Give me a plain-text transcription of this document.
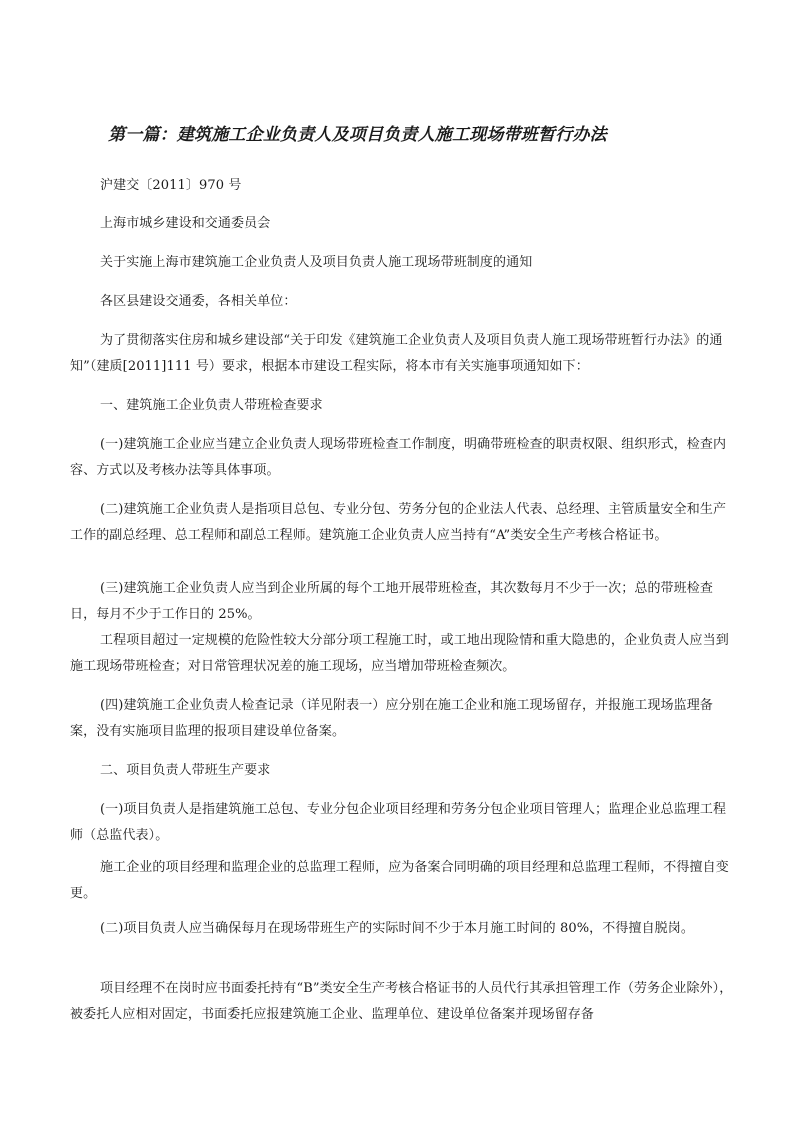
第一篇：建筑施工企业负责人及项目负责人施工现场带班暂行办法
沪建交〔2011〕970 号
上海市城乡建设和交通委员会
关于实施上海市建筑施工企业负责人及项目负责人施工现场带班制度的通知
各区县建设交通委，各相关单位：
为了贯彻落实住房和城乡建设部“关于印发《建筑施工企业负责人及项目负责人施工现场带班暂行办法》的通知”（建质[2011]111 号）要求，根据本市建设工程实际，将本市有关实施事项通知如下：
一、建筑施工企业负责人带班检查要求
(一)建筑施工企业应当建立企业负责人现场带班检查工作制度，明确带班检查的职责权限、组织形式，检查内容、方式以及考核办法等具体事项。
(二)建筑施工企业负责人是指项目总包、专业分包、劳务分包的企业法人代表、总经理、主管质量安全和生产工作的副总经理、总工程师和副总工程师。建筑施工企业负责人应当持有“A”类安全生产考核合格证书。
(三)建筑施工企业负责人应当到企业所属的每个工地开展带班检查，其次数每月不少于一次；总的带班检查日，每月不少于工作日的 25%。
工程项目超过一定规模的危险性较大分部分项工程施工时，或工地出现险情和重大隐患的，企业负责人应当到施工现场带班检查；对日常管理状况差的施工现场，应当增加带班检查频次。
(四)建筑施工企业负责人检查记录（详见附表一）应分别在施工企业和施工现场留存，并报施工现场监理备案，没有实施项目监理的报项目建设单位备案。
二、项目负责人带班生产要求
(一)项目负责人是指建筑施工总包、专业分包企业项目经理和劳务分包企业项目管理人；监理企业总监理工程师（总监代表）。
施工企业的项目经理和监理企业的总监理工程师，应为备案合同明确的项目经理和总监理工程师，不得擅自变更。
(二)项目负责人应当确保每月在现场带班生产的实际时间不少于本月施工时间的 80%，不得擅自脱岗。
项目经理不在岗时应书面委托持有“B”类安全生产考核合格证书的人员代行其承担管理工作（劳务企业除外），被委托人应相对固定，书面委托应报建筑施工企业、监理单位、建设单位备案并现场留存备
